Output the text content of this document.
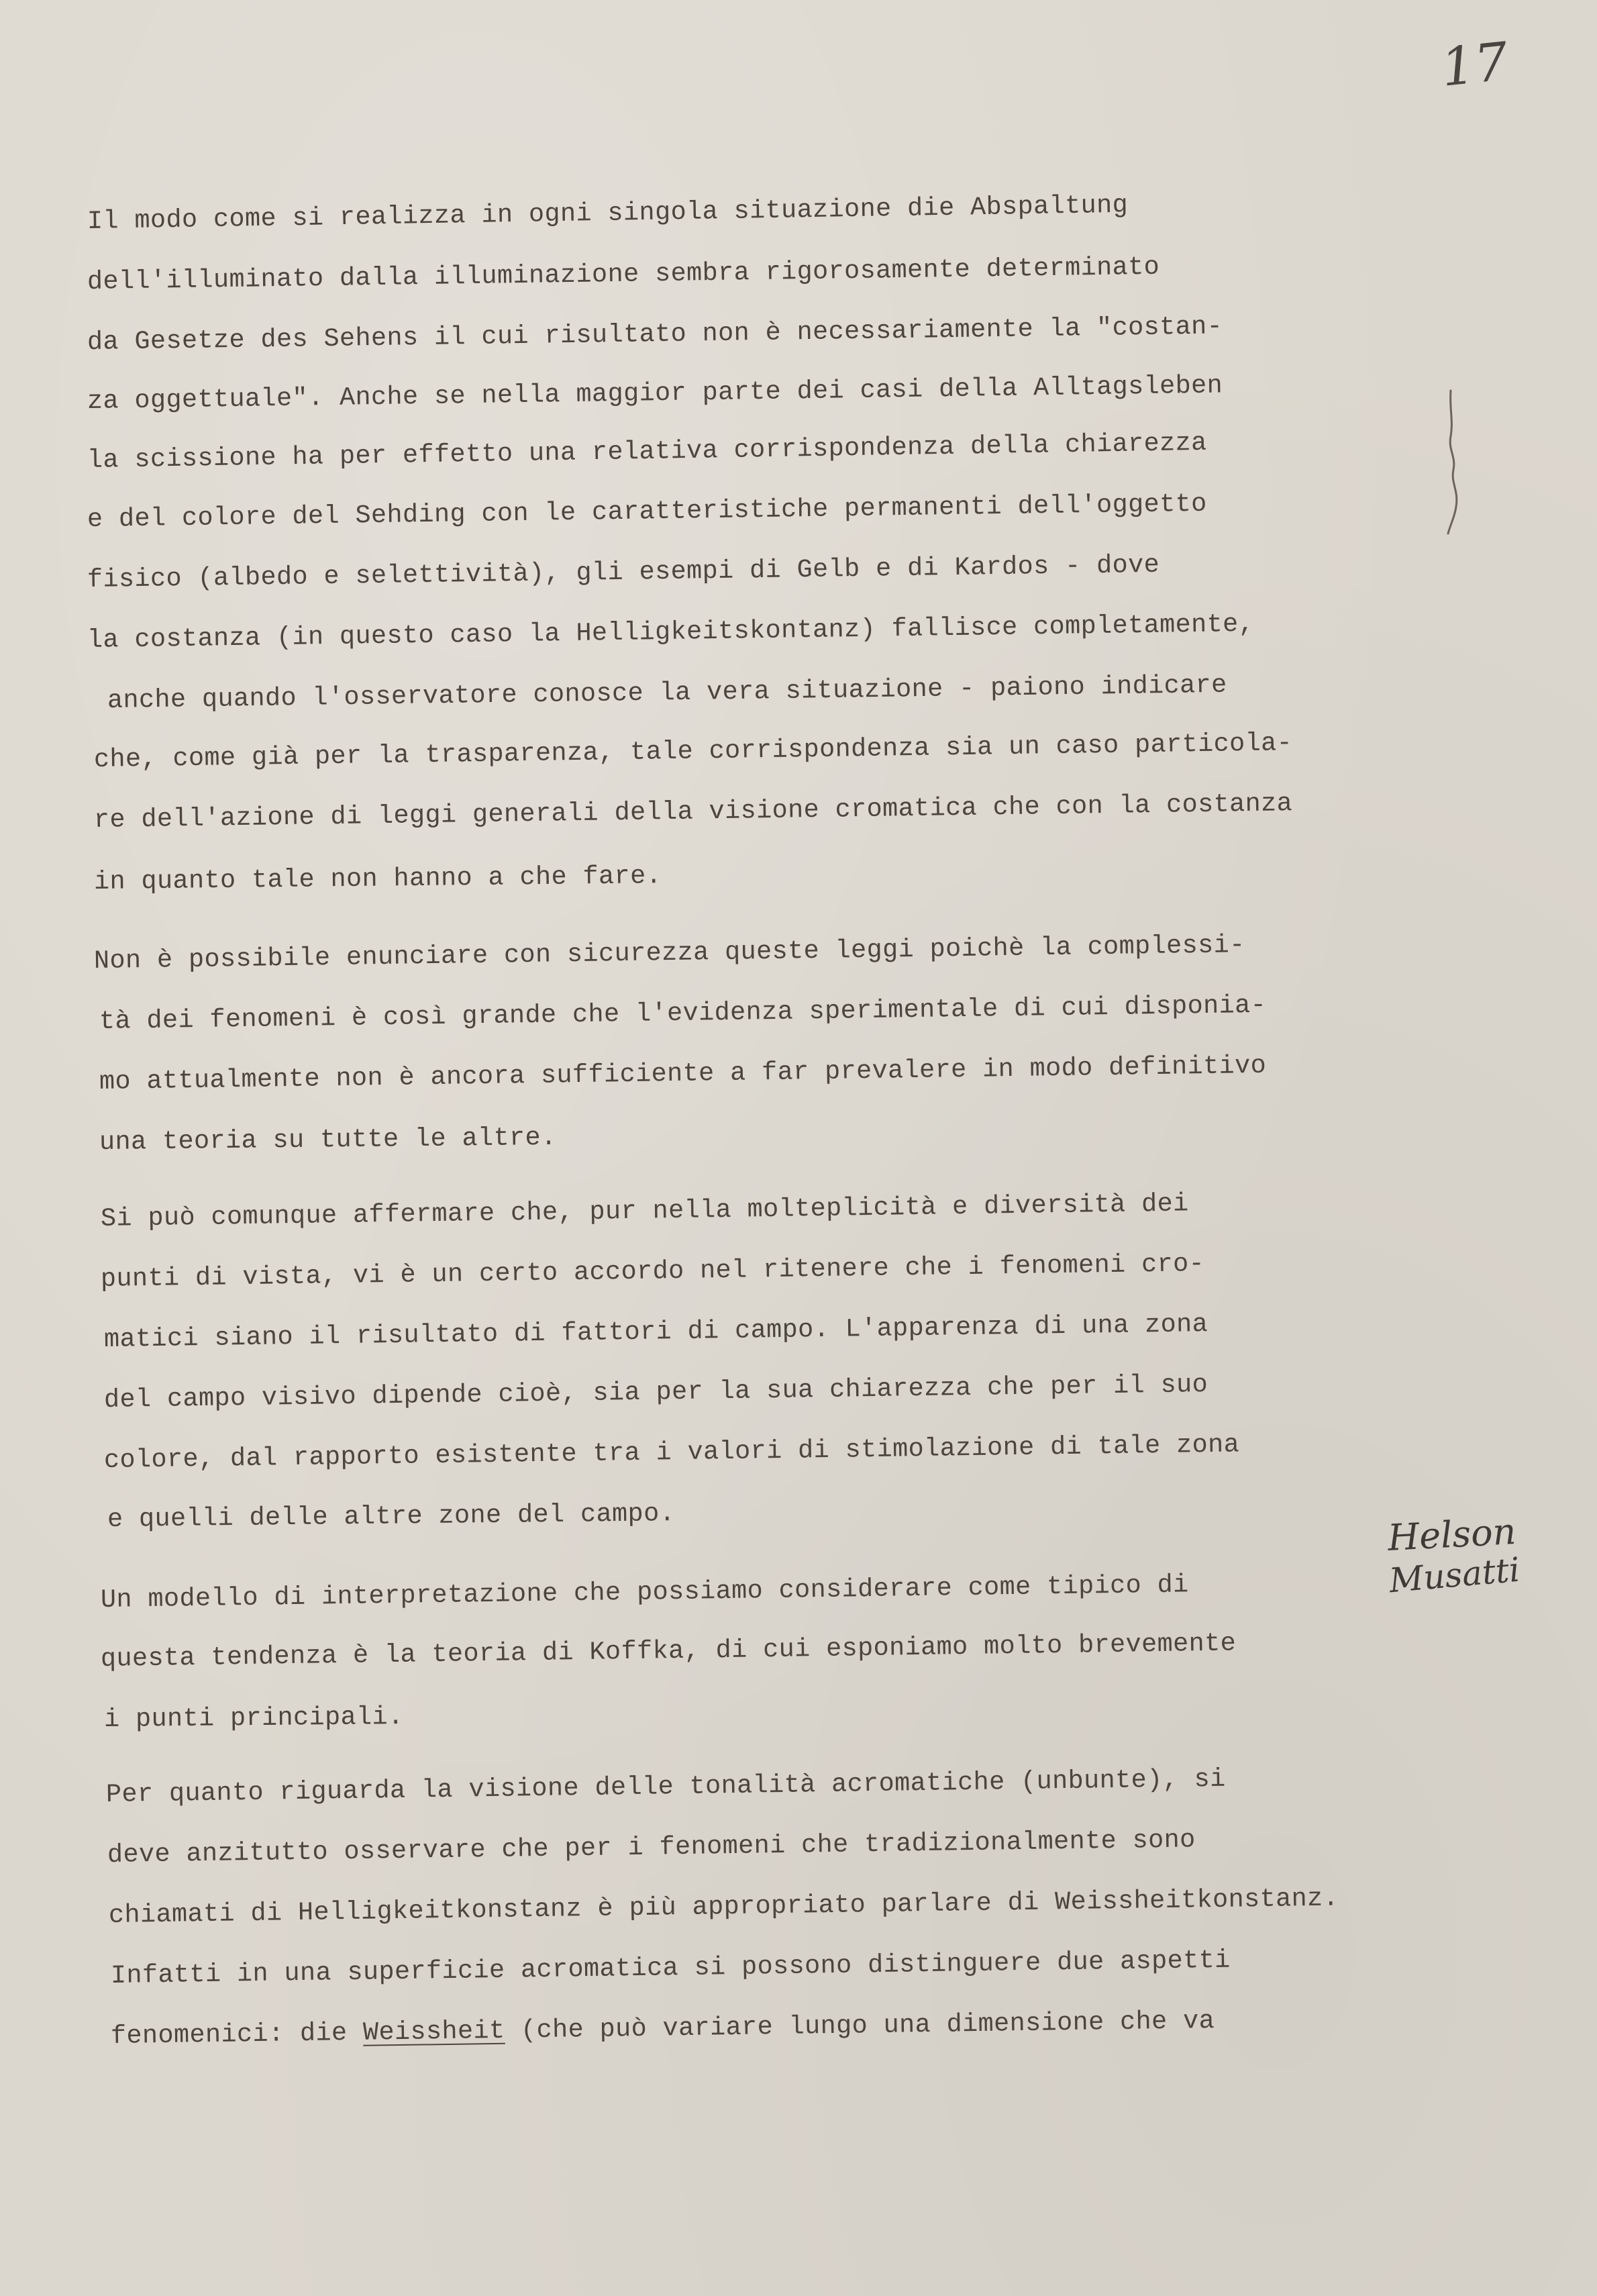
17
Il modo come si realizza in ogni singola situazione die Abspaltung
dell'illuminato dalla illuminazione sembra rigorosamente determinato
da Gesetze des Sehens il cui risultato non è necessariamente la "costan-
za oggettuale". Anche se nella maggior parte dei casi della Alltagsleben
la scissione ha per effetto una relativa corrispondenza della chiarezza
e del colore del Sehding con le caratteristiche permanenti dell'oggetto
fisico (albedo e selettività), gli esempi di Gelb e di Kardos - dove
la costanza (in questo caso la Helligkeitskontanz) fallisce completamente,
anche quando l'osservatore conosce la vera situazione - paiono indicare
che, come già per la trasparenza, tale corrispondenza sia un caso particola-
re dell'azione di leggi generali della visione cromatica che con la costanza
in quanto tale non hanno a che fare.
Non è possibile enunciare con sicurezza queste leggi poichè la complessi-
tà dei fenomeni è così grande che l'evidenza sperimentale di cui disponia-
mo attualmente non è ancora sufficiente a far prevalere in modo definitivo
una teoria su tutte le altre.
Si può comunque affermare che, pur nella molteplicità e diversità dei
punti di vista, vi è un certo accordo nel ritenere che i fenomeni cro-
matici siano il risultato di fattori di campo. L'apparenza di una zona
del campo visivo dipende cioè, sia per la sua chiarezza che per il suo
colore, dal rapporto esistente tra i valori di stimolazione di tale zona
e quelli delle altre zone del campo.
Un modello di interpretazione che possiamo considerare come tipico di
questa tendenza è la teoria di Koffka, di cui esponiamo molto brevemente
i punti principali.
Per quanto riguarda la visione delle tonalità acromatiche (unbunte), si
deve anzitutto osservare che per i fenomeni che tradizionalmente sono
chiamati di Helligkeitkonstanz è più appropriato parlare di Weissheitkonstanz.
Infatti in una superficie acromatica si possono distinguere due aspetti
fenomenici: die Weissheit (che può variare lungo una dimensione che va
Helson
Musatti
